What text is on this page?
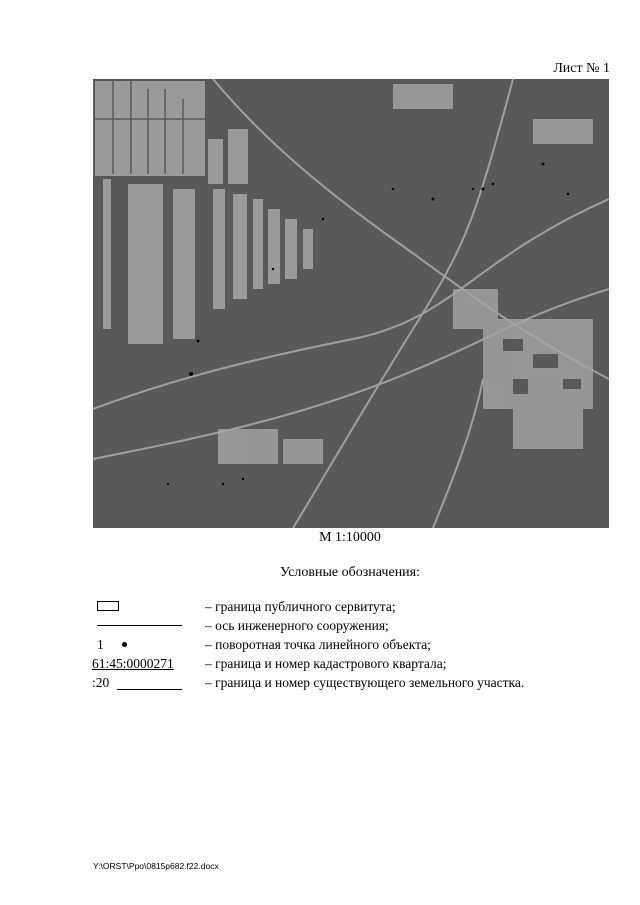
Лист № 1
М 1:10000
Условные обозначения:
– граница публичного сервитута;
– ось инженерного сооружения;
1	– поворотная точка линейного объекта;
61:45:0000271 – граница и номер кадастрового квартала;
:20	– граница и номер существующего земельного участка.
Y:\ORST\Ppo\0815p682.f22.docx
